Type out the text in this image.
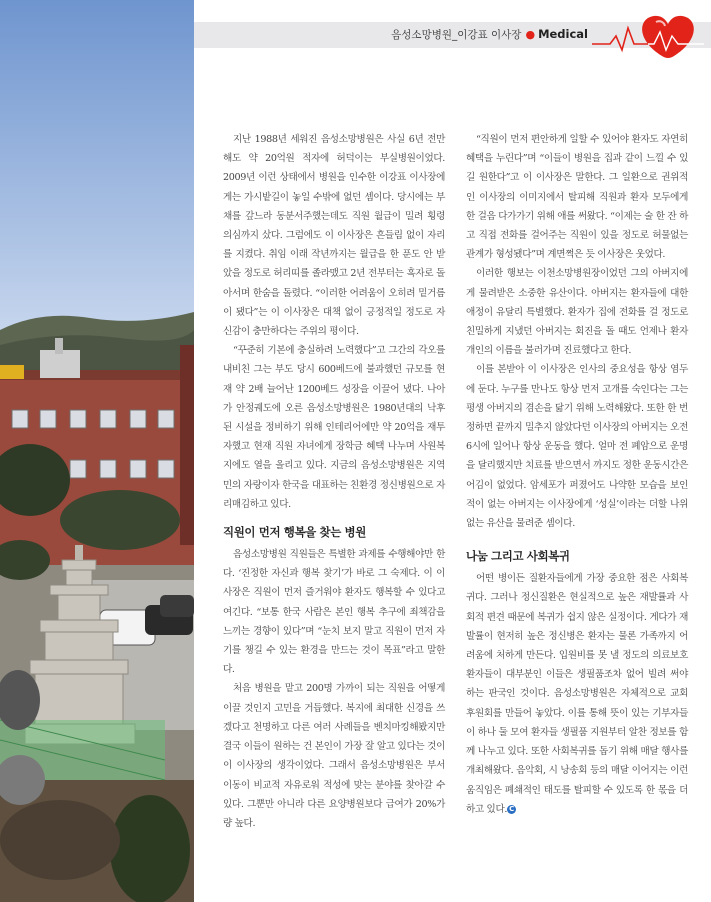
음성소망병원_이강표 이사장 ● Medical

지난 1988년 세워진 음성소망병원은 사실 6년 전만 해도 약 20억원 적자에 허덕이는 부실병원이었다. 2009년 이런 상태에서 병원을 인수한 이강표 이사장에게는 가시밭길이 놓일 수밖에 없던 셈이다. 당시에는 부채를 갚느라 동분서주했는데도 직원 월급이 밀려 횡령 의심까지 샀다. 그럼에도 이 이사장은 흔들림 없이 자리를 지켰다. 취임 이래 작년까지는 월급을 한 푼도 안 받았을 정도로 허리띠를 졸라맸고 2년 전부터는 흑자로 돌아서며 한숨을 돌렸다. “이러한 어려움이 오히려 밑거름이 됐다”는 이 이사장은 대책 없이 긍정적일 정도로 자신감이 충만하다는 주위의 평이다.

“꾸준히 기본에 충실하려 노력했다”고 그간의 각오를 내비친 그는 부도 당시 600베드에 불과했던 규모를 현재 약 2배 늘어난 1200베드 성장을 이끌어 냈다. 나아가 안정궤도에 오른 음성소망병원은 1980년대의 낙후된 시설을 정비하기 위해 인테리어에만 약 20억을 재투자했고 현재 직원 자녀에게 장학금 혜택 나누며 사원복지에도 열을 올리고 있다. 지금의 음성소망병원은 지역민의 자랑이자 한국을 대표하는 친환경 정신병원으로 자리매김하고 있다.

직원이 먼저 행복을 찾는 병원

음성소망병원 직원들은 특별한 과제를 수행해야만 한다. ‘진정한 자신과 행복 찾기’가 바로 그 숙제다. 이 이사장은 직원이 먼저 즐거워야 환자도 행복할 수 있다고 여긴다. “보통 한국 사람은 본인 행복 추구에 죄책감을 느끼는 경향이 있다”며 “눈치 보지 말고 직원이 먼저 자기를 챙길 수 있는 환경을 만드는 것이 목표”라고 말한다.

처음 병원을 맡고 200명 가까이 되는 직원을 어떻게 이끌 것인지 고민을 거듭했다. 복지에 최대한 신경을 쓰겠다고 천명하고 다른 여러 사례들을 벤치마킹해봤지만 결국 이들이 원하는 건 본인이 가장 잘 알고 있다는 것이 이 이사장의 생각이었다. 그래서 음성소망병원은 부서 이동이 비교적 자유로워 적성에 맞는 분야를 찾아갈 수 있다. 그뿐만 아니라 다른 요양병원보다 급여가 20%가량 높다.

“직원이 먼저 편안하게 일할 수 있어야 환자도 자연히 혜택을 누린다”며 “이들이 병원을 집과 같이 느낄 수 있길 원한다”고 이 이사장은 말한다. 그 일환으로 권위적인 이사장의 이미지에서 탈피해 직원과 환자 모두에게 한 걸음 다가가기 위해 애를 써왔다. “이제는 술 한 잔 하고 직접 전화를 걸어주는 직원이 있을 정도로 허물없는 관계가 형성됐다”며 계면쩍은 듯 이사장은 웃었다.

이러한 행보는 이천소망병원장이었던 그의 아버지에게 물려받은 소중한 유산이다. 아버지는 환자들에 대한 애정이 유달리 특별했다. 환자가 집에 전화를 걸 정도로 친밀하게 지냈던 아버지는 회진을 돌 때도 언제나 환자 개인의 이름을 불러가며 진료했다고 한다.

이를 본받아 이 이사장은 인사의 중요성을 항상 염두에 둔다. 누구를 만나도 항상 먼저 고개를 숙인다는 그는 평생 아버지의 겸손을 닮기 위해 노력해왔다. 또한 한 번 정하면 끝까지 밀추지 않았다던 이사장의 아버지는 오전 6시에 일어나 항상 운동을 했다. 얼마 전 폐암으로 운명을 달리했지만 치료를 받으면서 까지도 정한 운동시간은 어김이 없었다. 암세포가 퍼졌어도 나약한 모습을 보인 적이 없는 아버지는 이사장에게 ‘성실’이라는 더할 나위 없는 유산을 물려준 셈이다.

나눔 그리고 사회복귀

어떤 병이든 질환자들에게 가장 중요한 점은 사회복귀다. 그러나 정신질환은 현실적으로 높은 재발률과 사회적 편견 때문에 복귀가 쉽지 않은 실정이다. 게다가 재발률이 현저히 높은 정신병은 환자는 물론 가족까지 어려움에 처하게 만든다. 입원비를 못 낼 정도의 의료보호환자들이 대부분인 이들은 생필품조차 없어 빌려 써야 하는 판국인 것이다. 음성소망병원은 자체적으로 교회 후원회를 만들어 놓았다. 이를 통해 뜻이 있는 기부자들이 하나 둘 모여 환자들 생필품 지원부터 알찬 정보를 함께 나누고 있다. 또한 사회복귀를 돕기 위해 매달 행사를 개최해왔다. 음악회, 시 낭송회 등의 매달 이어지는 이런 움직임은 폐쇄적인 태도를 탈피할 수 있도록 한 몫을 더하고 있다. C
